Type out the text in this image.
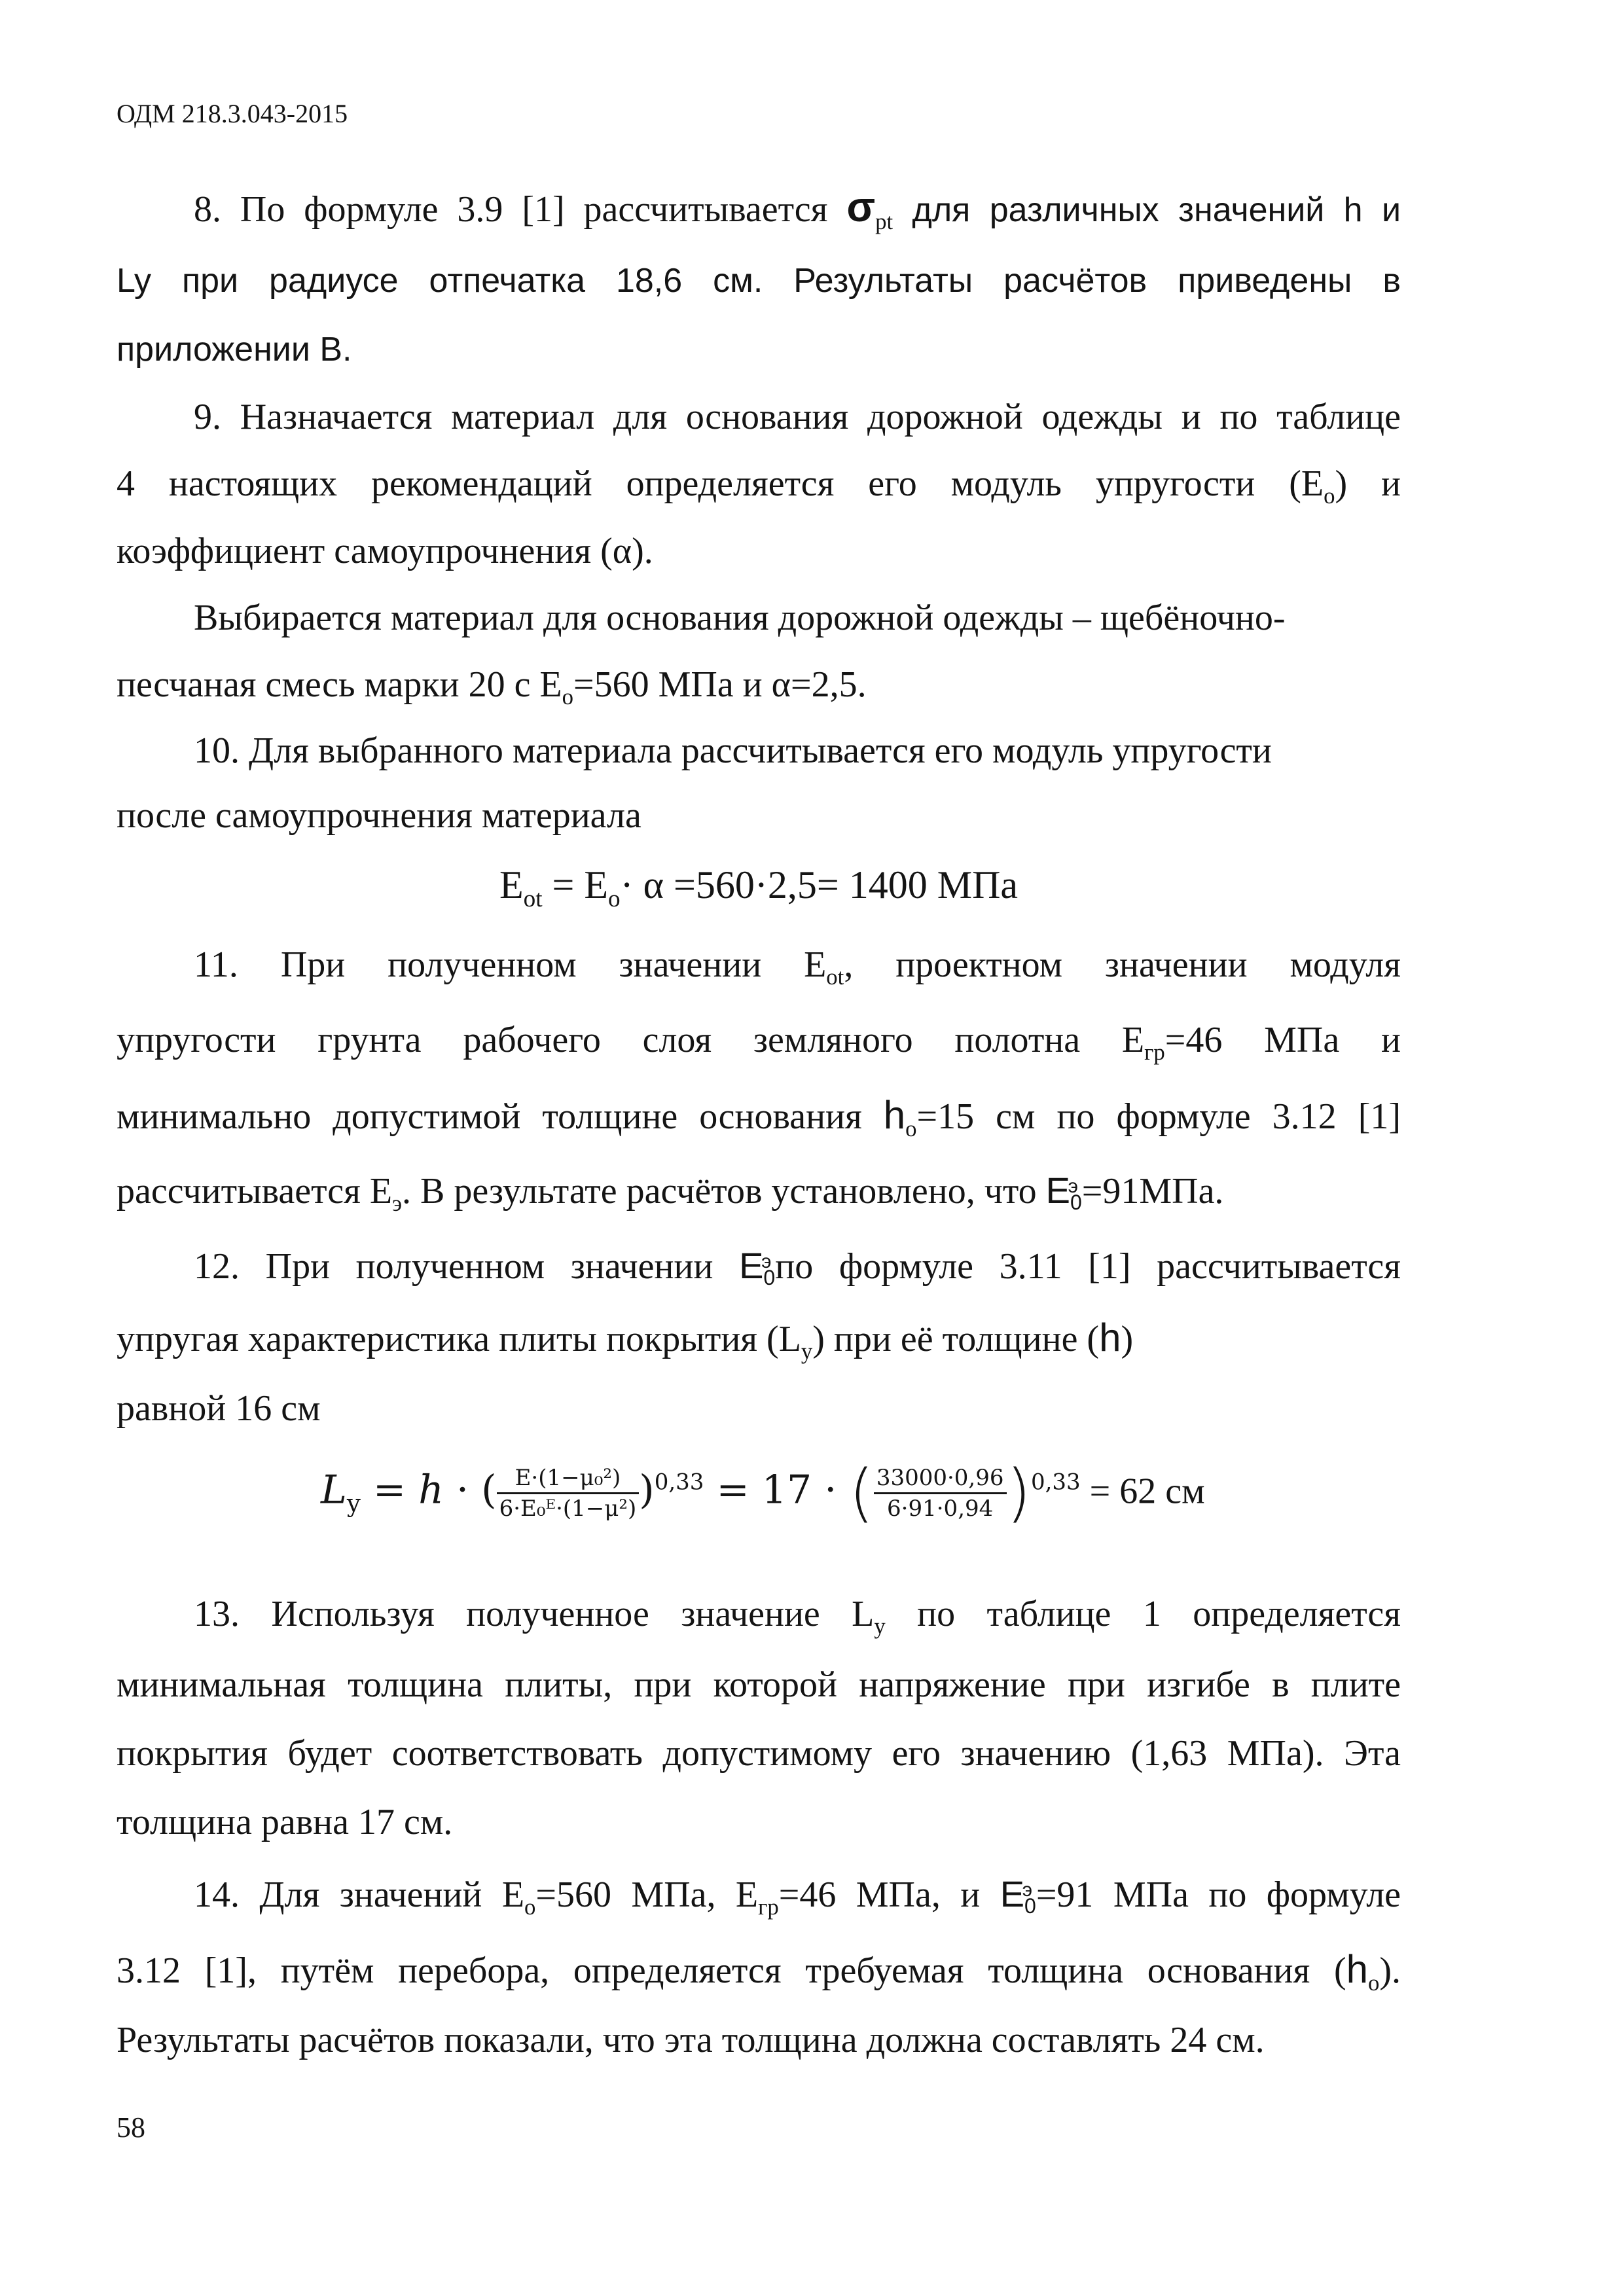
ОДМ 218.3.043-2015
8. По формуле 3.9 [1] рассчитывается $\sigma_{pt}$ для различных значений h и
Ly при радиусе отпечатка 18,6 см. Результаты расчётов приведены в
приложении В.
9. Назначается материал для основания дорожной одежды и по таблице
4 настоящих рекомендаций определяется его модуль упругости $(E_o)$ и
коэффициент самоупрочнения (α).
Выбирается материал для основания дорожной одежды – щебёночно-
песчаная смесь марки 20 с $E_o=560$ МПа и α=2,5.
10. Для выбранного материала рассчитывается его модуль упругости
после самоупрочнения материала
$E_{ot} = E_o\cdot \alpha =560\cdot 2,5= 1400$ МПа
11. При полученном значении $E_{ot}$, проектном значении модуля
упругости грунта рабочего слоя земляного полотна $E_{гр}=46$ МПа и
минимально допустимой толщине основания $h_o=15$ см по формуле 3.12 [1]
рассчитывается $E_э$. В результате расчётов установлено, что E
э
0=91МПа.
12. При полученном значении E
э
0по формуле 3.11 [1] рассчитывается
упругая характеристика плиты покрытия $(L_y)$ при её толщине (h)
равной 16 см
$L_y = h$ · ( $\frac{\text{E·(1−μ₀²)}}{\text{6·E₀ᴱ·(1−μ²)}} )^{0,33} = 17$ · ( $\frac{33000\cdot 0,96}{6\cdot 91\cdot 0,94} )^{0,33} = 62$ см
13. Используя полученное значение $L_y$ по таблице 1 определяется
минимальная толщина плиты, при которой напряжение при изгибе в плите
покрытия будет соответствовать допустимому его значению (1,63 МПа). Эта
толщина равна 17 см.
14. Для значений $E_o=560$ МПа, $E_{гр}=46$ МПа, и E
э
0=91 МПа по формуле
3.12 [1], путём перебора, определяется требуемая толщина основания $(h_o)$.
Результаты расчётов показали, что эта толщина должна составлять 24 см.
58
